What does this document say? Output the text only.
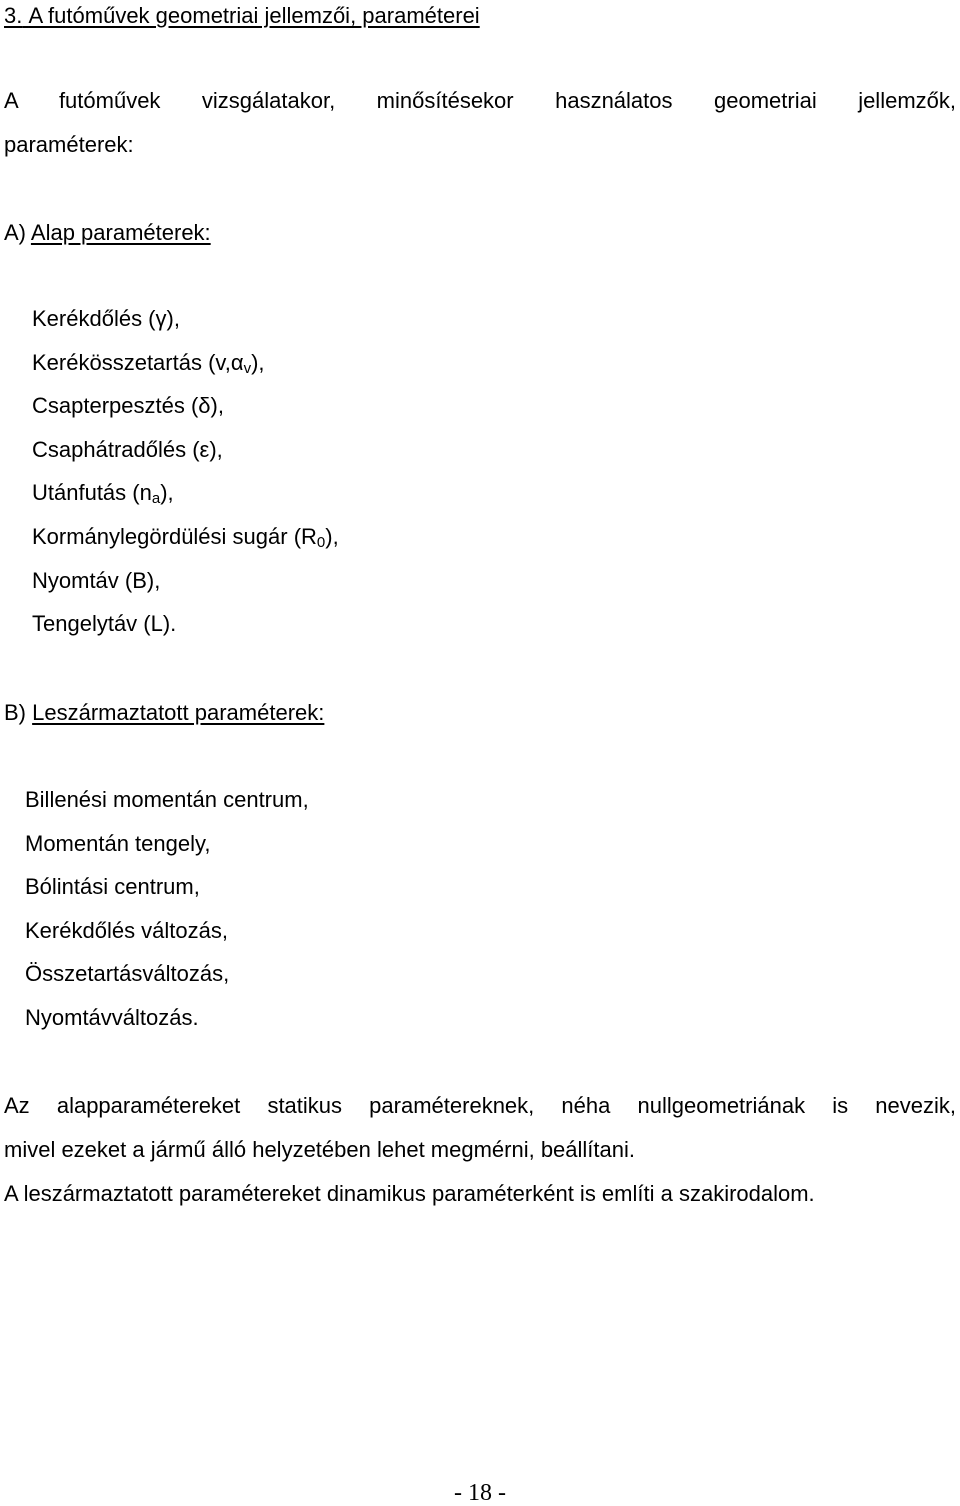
3. A futóművek geometriai jellemzői, paraméterei
A futóművek vizsgálatakor, minősítésekor használatos geometriai jellemzők,
paraméterek:
A) Alap paraméterek:
Kerékdőlés (γ),
Kerékösszetartás $(v,\alpha_v)$,
Csapterpesztés (δ),
Csaphátradőlés (ε),
Utánfutás $(n_a)$,
Kormánylegördülési sugár $(R_0)$,
Nyomtáv (B),
Tengelytáv (L).
B) Leszármaztatott paraméterek:
Billenési momentán centrum,
Momentán tengely,
Bólintási centrum,
Kerékdőlés változás,
Összetartásváltozás,
Nyomtávváltozás.
Az alapparamétereket statikus paramétereknek, néha nullgeometriának is nevezik,
mivel ezeket a jármű álló helyzetében lehet megmérni, beállítani.
A leszármaztatott paramétereket dinamikus paraméterként is említi a szakirodalom.
- 18 -
